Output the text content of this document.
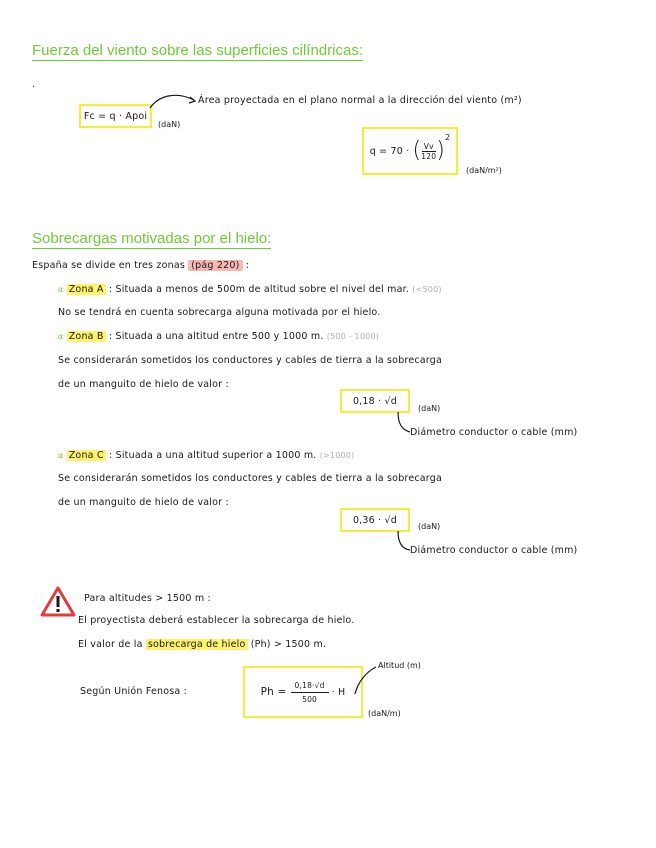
Fuerza del viento sobre las superficies cilíndricas:
·
Fc = q · Apoi
(daN)
Área proyectada en el plano normal a la dirección del viento (m²)
q = 70 · ( $\frac{Vv}{120}$ )
$^2$
(daN/m²)
Sobrecargas motivadas por el hielo:
España se divide en tres zonas (pág 220) :
α Zona A : Situada a menos de 500m de altitud sobre el nivel del mar. (<500)
No se tendrá en cuenta sobrecarga alguna motivada por el hielo.
α Zona B : Situada a una altitud entre 500 y 1000 m. (500 - 1000)
Se considerarán sometidos los conductores y cables de tierra a la sobrecarga
de un manguito de hielo de valor :
0,18 · √d
(daN)
Diámetro conductor o cable (mm)
α Zona C : Situada a una altitud superior a 1000 m. (>1000)
Se considerarán sometidos los conductores y cables de tierra a la sobrecarga
de un manguito de hielo de valor :
0,36 · √d
(daN)
Diámetro conductor o cable (mm)
Para altitudes > 1500 m :
El proyectista deberá establecer la sobrecarga de hielo.
El valor de la sobrecarga de hielo (Ph) > 1500 m.
Según Unión Fenosa :	$Ph = \frac{0,18\cdot√d}{500} \cdot H$
Altitud (m)
(daN/m)
